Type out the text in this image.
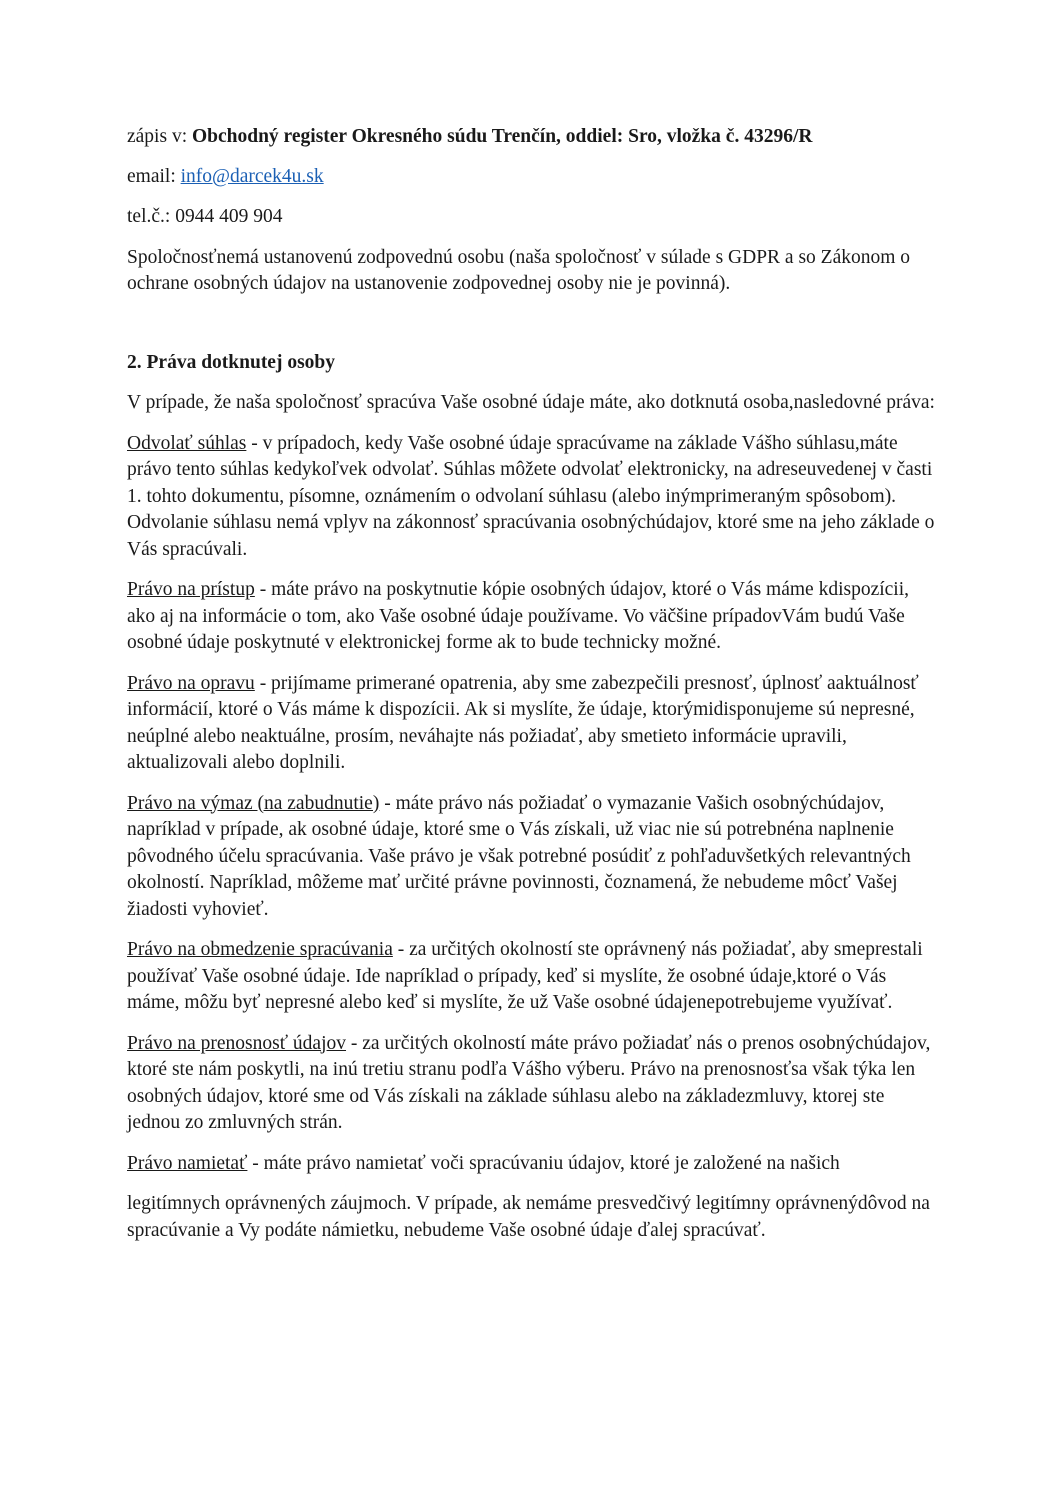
zápis v: Obchodný register Okresného súdu Trenčín, oddiel: Sro, vložka č. 43296/R

email: info@darcek4u.sk

tel.č.: 0944 409 904

Spoločnosťnemá ustanovenú zodpovednú osobu (naša spoločnosť v súlade s GDPR a so Zákonom o ochrane osobných údajov na ustanovenie zodpovednej osoby nie je povinná).

2. Práva dotknutej osoby

V prípade, že naša spoločnosť spracúva Vaše osobné údaje máte, ako dotknutá osoba,nasledovné práva:

Odvolať súhlas - v prípadoch, kedy Vaše osobné údaje spracúvame na základe Vášho súhlasu,máte právo tento súhlas kedykoľvek odvolať. Súhlas môžete odvolať elektronicky, na adreseuvedenej v časti 1. tohto dokumentu, písomne, oznámením o odvolaní súhlasu (alebo inýmprimeraným spôsobom). Odvolanie súhlasu nemá vplyv na zákonnosť spracúvania osobnýchúdajov, ktoré sme na jeho základe o Vás spracúvali.

Právo na prístup - máte právo na poskytnutie kópie osobných údajov, ktoré o Vás máme kdispozícii, ako aj na informácie o tom, ako Vaše osobné údaje používame. Vo väčšine prípadovVám budú Vaše osobné údaje poskytnuté v elektronickej forme ak to bude technicky možné.

Právo na opravu - prijímame primerané opatrenia, aby sme zabezpečili presnosť, úplnosť aaktuálnosť informácií, ktoré o Vás máme k dispozícii. Ak si myslíte, že údaje, ktorýmidisponujeme sú nepresné, neúplné alebo neaktuálne, prosím, neváhajte nás požiadať, aby smetieto informácie upravili, aktualizovali alebo doplnili.

Právo na výmaz (na zabudnutie) - máte právo nás požiadať o vymazanie Vašich osobnýchúdajov, napríklad v prípade, ak osobné údaje, ktoré sme o Vás získali, už viac nie sú potrebnéna naplnenie pôvodného účelu spracúvania. Vaše právo je však potrebné posúdiť z pohľaduvšetkých relevantných okolností. Napríklad, môžeme mať určité právne povinnosti, čoznamená, že nebudeme môcť Vašej žiadosti vyhovieť.

Právo na obmedzenie spracúvania - za určitých okolností ste oprávnený nás požiadať, aby smeprestali používať Vaše osobné údaje. Ide napríklad o prípady, keď si myslíte, že osobné údaje,ktoré o Vás máme, môžu byť nepresné alebo keď si myslíte, že už Vaše osobné údajenepotrebujeme využívať.

Právo na prenosnosť údajov - za určitých okolností máte právo požiadať nás o prenos osobnýchúdajov, ktoré ste nám poskytli, na inú tretiu stranu podľa Vášho výberu. Právo na prenosnosťsa však týka len osobných údajov, ktoré sme od Vás získali na základe súhlasu alebo na základezmluvy, ktorej ste jednou zo zmluvných strán.

Právo namietať - máte právo namietať voči spracúvaniu údajov, ktoré je založené na našich

legitímnych oprávnených záujmoch. V prípade, ak nemáme presvedčivý legitímny oprávnenýdôvod na spracúvanie a Vy podáte námietku, nebudeme Vaše osobné údaje ďalej spracúvať.
